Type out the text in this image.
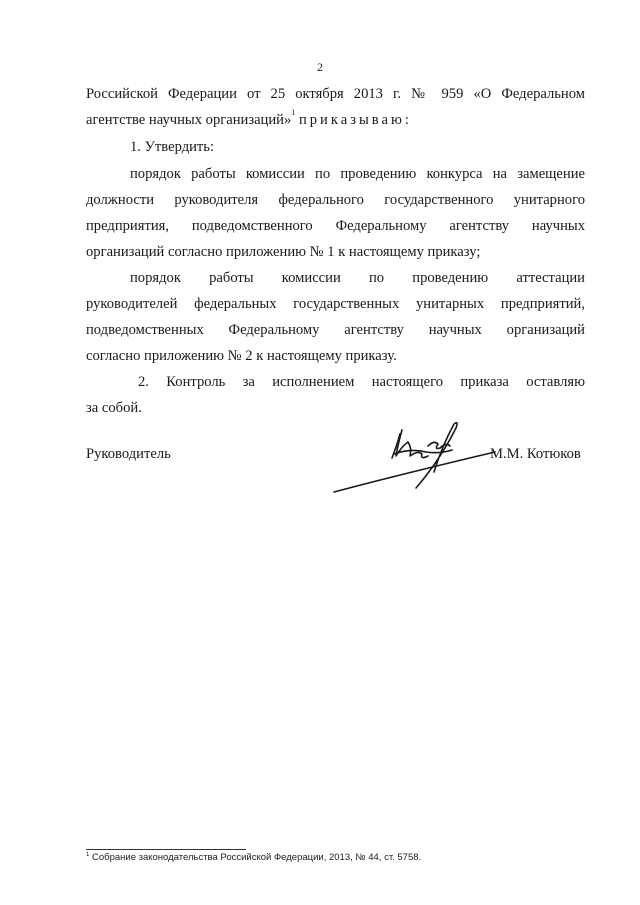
2
Российской Федерации от 25 октября 2013 г. № 959 «О Федеральном
агентстве научных организаций»$^1$ приказываю:
1. Утвердить:
порядок работы комиссии по проведению конкурса на замещение
должности руководителя федерального государственного унитарного
предприятия, подведомственного Федеральному агентству научных
организаций согласно приложению № 1 к настоящему приказу;
порядок работы комиссии по проведению аттестации
руководителей федеральных государственных унитарных предприятий,
подведомственных Федеральному агентству научных организаций
согласно приложению № 2 к настоящему приказу.
2. Контроль за исполнением настоящего приказа оставляю
за собой.
Руководитель	М.М. Котюков
$^1$ Собрание законодательства Российской Федерации, 2013, № 44, ст. 5758.
